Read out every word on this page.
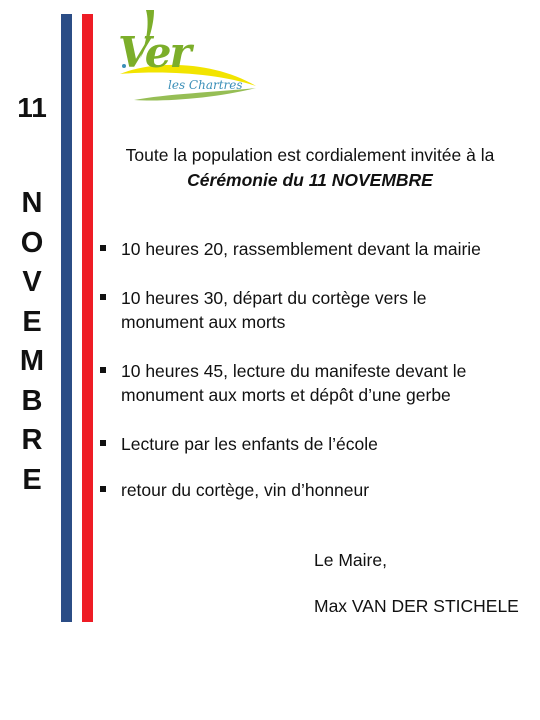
11
N
O
V
E
M
B
R
E
Ver
les Chartres
Toute la population est cordialement invitée à la
Cérémonie du 11 NOVEMBRE
10 heures 20, rassemblement devant la mairie
10 heures 30, départ du cortège vers le
monument aux morts
10 heures 45, lecture du manifeste devant le
monument aux morts et dépôt d’une gerbe
Lecture par les enfants de l’école
retour du cortège, vin d’honneur
Le Maire,
Max VAN DER STICHELE
